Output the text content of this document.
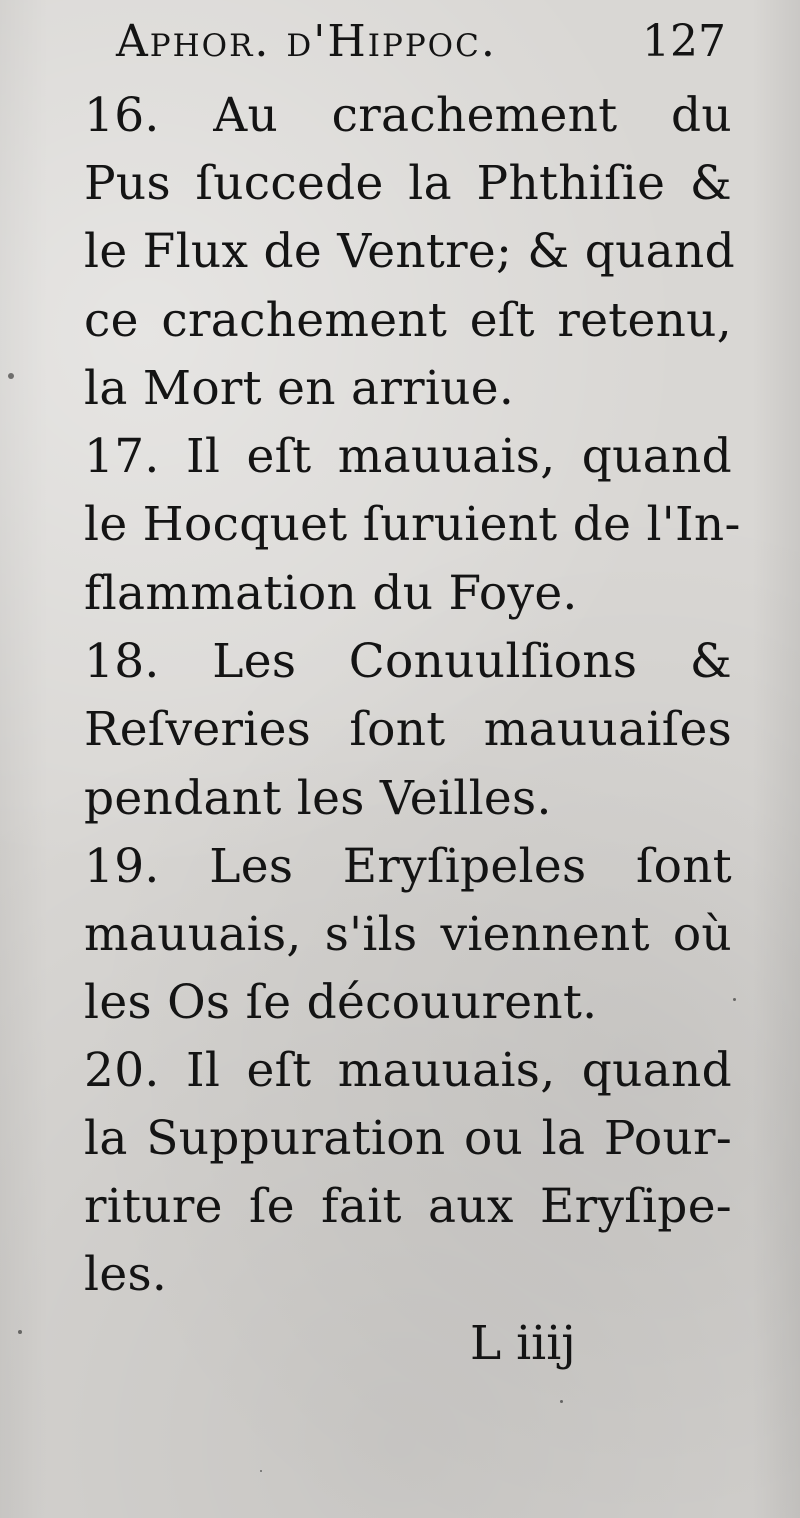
Aphor. d'Hippoc.	127
16. Au crachement du
Pus ſuccede la Phthiſie &
le Flux de Ventre; & quand
ce crachement eſt retenu,
la Mort en arriue.
17. Il eſt mauuais, quand
le Hocquet ſuruient de l'In-
flammation du Foye.
18. Les Conuulſions &
Reſveries ſont mauuaiſes
pendant les Veilles.
19. Les Eryſipeles ſont
mauuais, s'ils viennent où
les Os ſe découurent.
20. Il eſt mauuais, quand
la Suppuration ou la Pour-
riture ſe fait aux Eryſipe-
les.
L iiij
